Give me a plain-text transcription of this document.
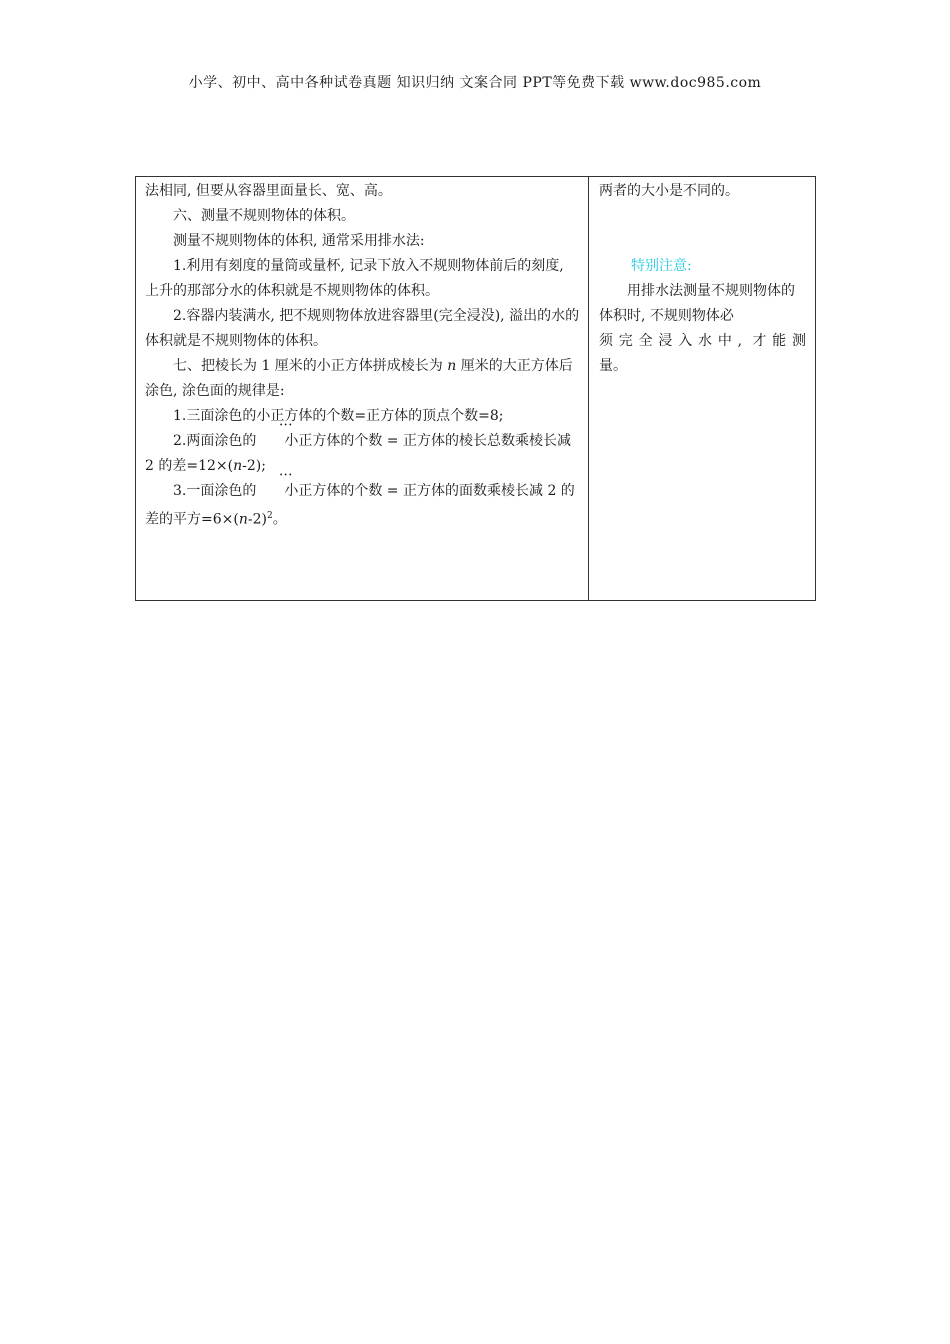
小学、初中、高中各种试卷真题 知识归纳 文案合同 PPT等免费下载 www.doc985.com

法相同, 但要从容器里面量长、宽、高。

六、测量不规则物体的体积。

测量不规则物体的体积, 通常采用排水法:

1.利用有刻度的量筒或量杯, 记录下放入不规则物体前后的刻度, 上升的那部分水的体积就是不规则物体的体积。

2.容器内装满水, 把不规则物体放进容器里(完全浸没), 溢出的水的体积就是不规则物体的体积。

七、把棱长为 1 厘米的小正方体拼成棱长为 n 厘米的大正方体后涂色, 涂色面的规律是:

1.三面涂色的小正方体的个数=正方体的顶点个数=8;

2.两面涂色的 ••• 小正方体的个数 = 正方体的棱长总数乘棱长减 2 的差=12×(n-2);

3.一面涂色的 ••• 小正方体的个数 = 正方体的面数乘棱长减 2 的差的平方$=6\times(n-2)^2$。

两者的大小是不同的。

特别注意:

用排水法测量不规则物体的体积时, 不规则物体必

须完全浸入水中, 才能测

量。
